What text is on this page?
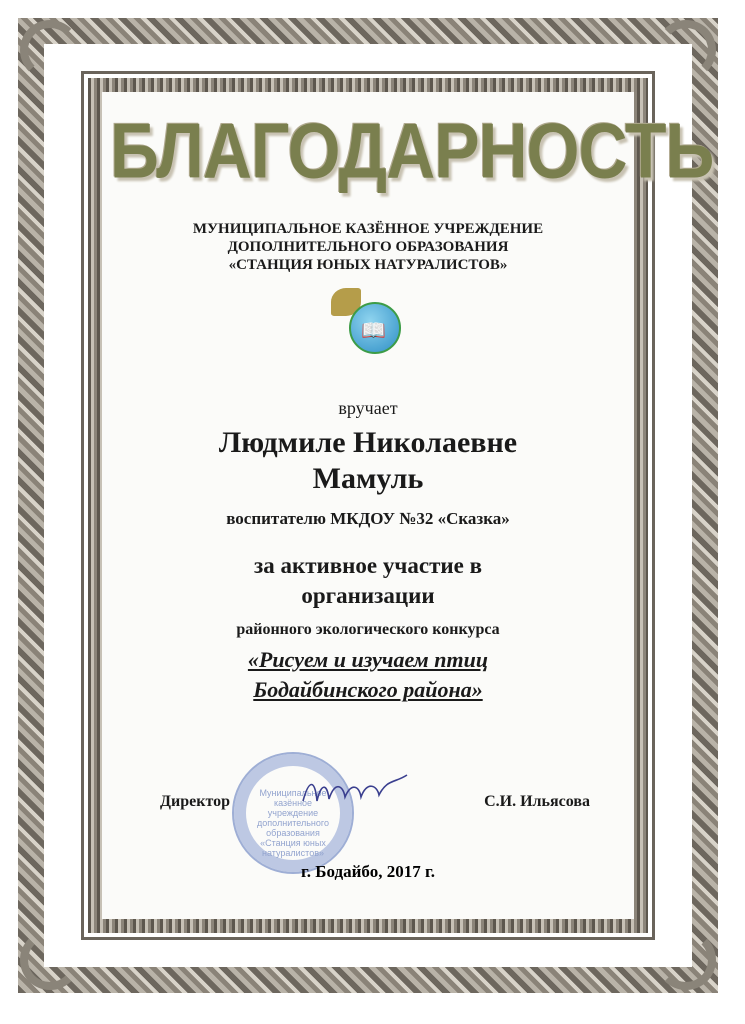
БЛАГОДАРНОСТЬ
МУНИЦИПАЛЬНОЕ КАЗЁННОЕ УЧРЕЖДЕНИЕ
ДОПОЛНИТЕЛЬНОГО ОБРАЗОВАНИЯ
«СТАНЦИЯ ЮНЫХ НАТУРАЛИСТОВ»
📖
вручает
Людмиле Николаевне
Мамуль
воспитателю МКДОУ №32 «Сказка»
за активное участие в
организации
районного экологического конкурса
«Рисуем и изучаем птиц
Бодайбинского района»
Муниципальное казённое учреждение дополнительного образования «Станция юных натуралистов»
Директор	С.И. Ильясова
г. Бодайбо, 2017 г.
